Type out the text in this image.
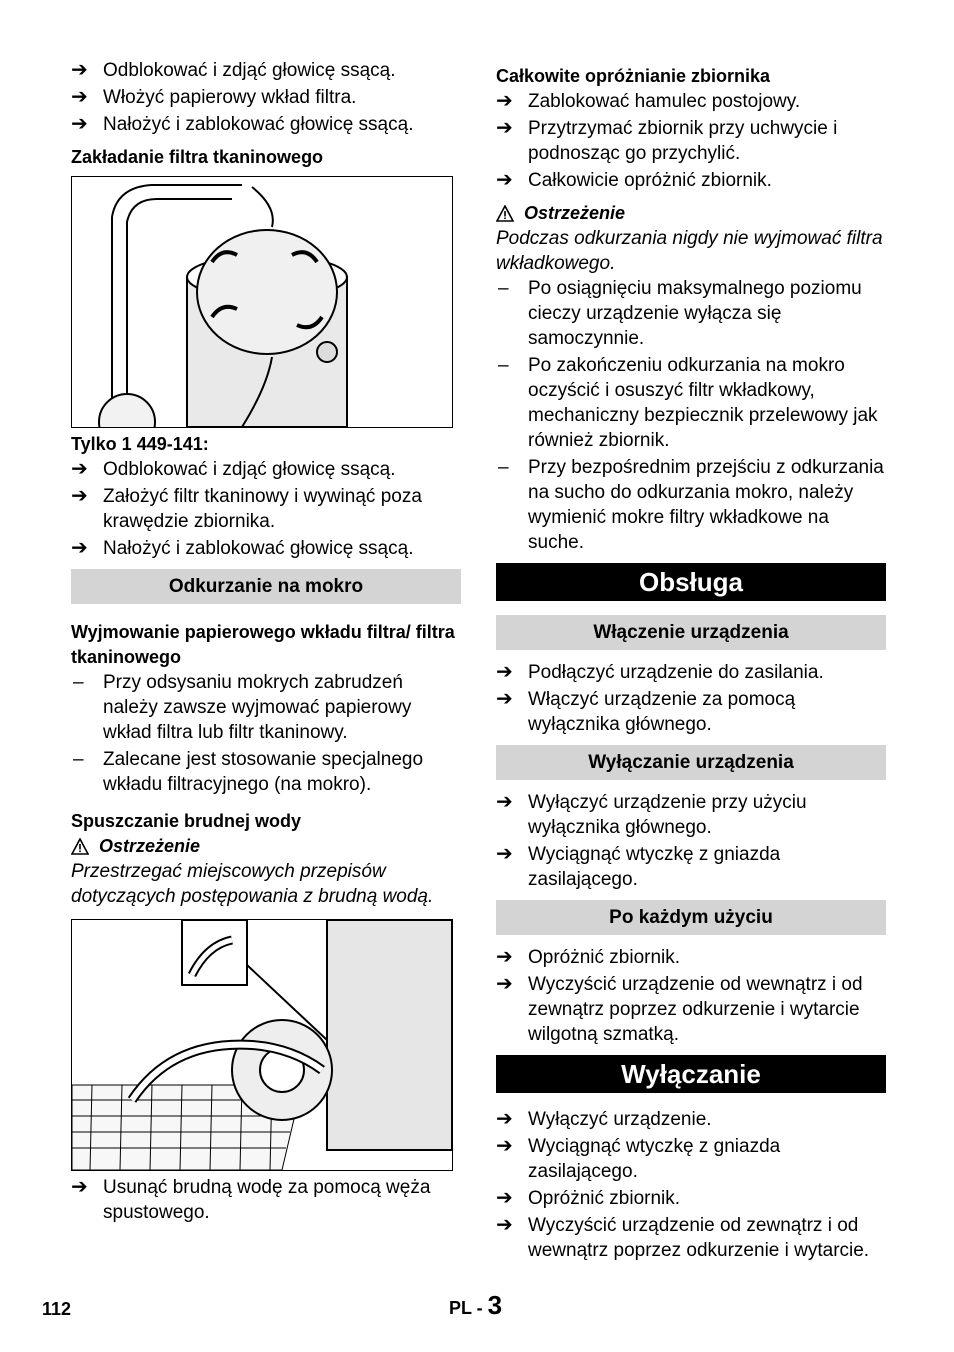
➔ Odblokować i zdjąć głowicę ssącą.
➔ Włożyć papierowy wkład filtra.
➔ Nałożyć i zablokować głowicę ssącą.
Zakładanie filtra tkaninowego
Tylko 1 449-141:
➔ Odblokować i zdjąć głowicę ssącą.
➔ Założyć filtr tkaninowy i wywinąć poza krawędzie zbiornika.
➔ Nałożyć i zablokować głowicę ssącą.
Odkurzanie na mokro
Wyjmowanie papierowego wkładu filtra/ filtra tkaninowego
– Przy odsysaniu mokrych zabrudzeń należy zawsze wyjmować papierowy wkład filtra lub filtr tkaninowy.
– Zalecane jest stosowanie specjalnego wkładu filtracyjnego (na mokro).
Spuszczanie brudnej wody
Ostrzeżenie
Przestrzegać miejscowych przepisów dotyczących postępowania z brudną wodą.
➔ Usunąć brudną wodę za pomocą węża spustowego.
Całkowite opróżnianie zbiornika
➔ Zablokować hamulec postojowy.
➔ Przytrzymać zbiornik przy uchwycie i podnosząc go przychylić.
➔ Całkowicie opróżnić zbiornik.
Ostrzeżenie
Podczas odkurzania nigdy nie wyjmować filtra wkładkowego.
– Po osiągnięciu maksymalnego poziomu cieczy urządzenie wyłącza się samoczynnie.
– Po zakończeniu odkurzania na mokro oczyścić i osuszyć filtr wkładkowy, mechaniczny bezpiecznik przelewowy jak również zbiornik.
– Przy bezpośrednim przejściu z odkurzania na sucho do odkurzania mokro, należy wymienić mokre filtry wkładkowe na suche.
Obsługa
Włączenie urządzenia
➔ Podłączyć urządzenie do zasilania.
➔ Włączyć urządzenie za pomocą wyłącznika głównego.
Wyłączanie urządzenia
➔ Wyłączyć urządzenie przy użyciu wyłącznika głównego.
➔ Wyciągnąć wtyczkę z gniazda zasilającego.
Po każdym użyciu
➔ Opróżnić zbiornik.
➔ Wyczyścić urządzenie od wewnątrz i od zewnątrz poprzez odkurzenie i wytarcie wilgotną szmatką.
Wyłączanie
➔ Wyłączyć urządzenie.
➔ Wyciągnąć wtyczkę z gniazda zasilającego.
➔ Opróżnić zbiornik.
➔ Wyczyścić urządzenie od zewnątrz i od wewnątrz poprzez odkurzenie i wytarcie.
112	PL - 3
